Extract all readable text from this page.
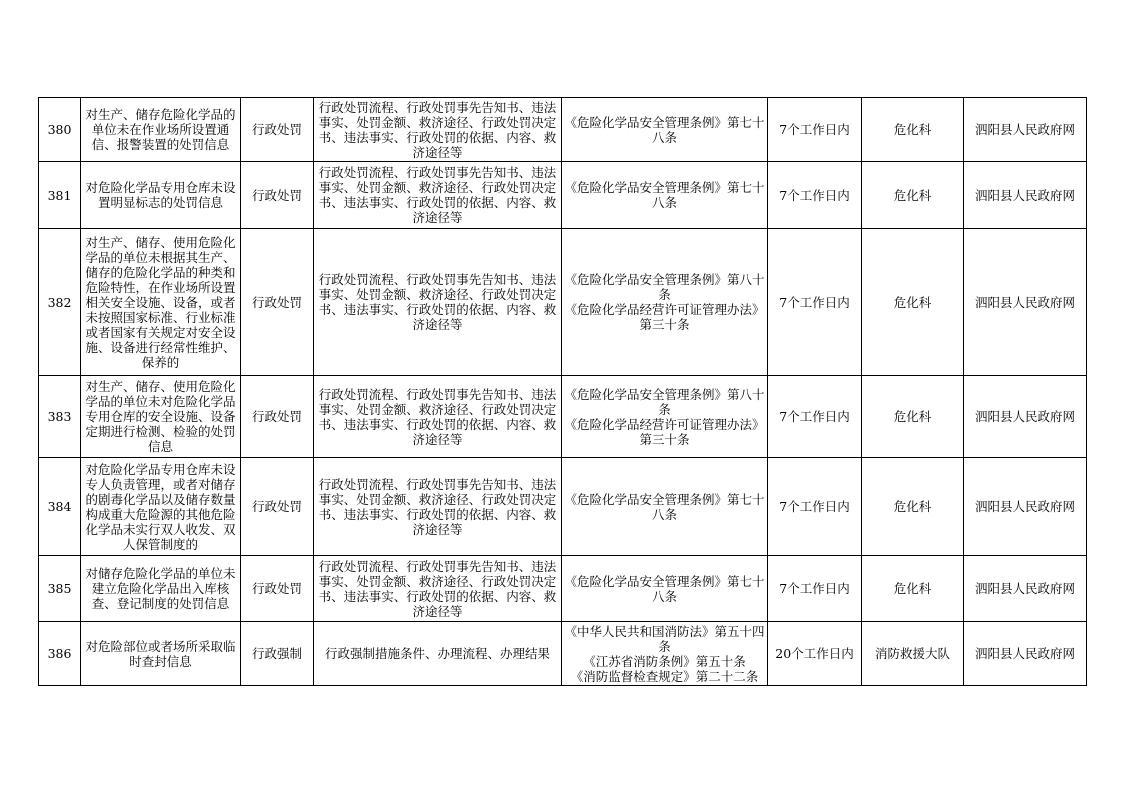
380	对生产、储存危险化学品的单位未在作业场所设置通信、报警装置的处罚信息	行政处罚	行政处罚流程、行政处罚事先告知书、违法事实、处罚金额、救济途径、行政处罚决定书、违法事实、行政处罚的依据、内容、救济途径等	《危险化学品安全管理条例》第七十八条	7个工作日内	危化科	泗阳县人民政府网

381	对危险化学品专用仓库未设置明显标志的处罚信息	行政处罚	行政处罚流程、行政处罚事先告知书、违法事实、处罚金额、救济途径、行政处罚决定书、违法事实、行政处罚的依据、内容、救济途径等	《危险化学品安全管理条例》第七十八条	7个工作日内	危化科	泗阳县人民政府网

382	对生产、储存、使用危险化学品的单位未根据其生产、储存的危险化学品的种类和危险特性，在作业场所设置相关安全设施、设备，或者未按照国家标准、行业标准或者国家有关规定对安全设施、设备进行经常性维护、保养的	行政处罚	行政处罚流程、行政处罚事先告知书、违法事实、处罚金额、救济途径、行政处罚决定书、违法事实、行政处罚的依据、内容、救济途径等	《危险化学品安全管理条例》第八十条
《危险化学品经营许可证管理办法》第三十条	7个工作日内	危化科	泗阳县人民政府网

383	对生产、储存、使用危险化学品的单位未对危险化学品专用仓库的安全设施、设备定期进行检测、检验的处罚信息	行政处罚	行政处罚流程、行政处罚事先告知书、违法事实、处罚金额、救济途径、行政处罚决定书、违法事实、行政处罚的依据、内容、救济途径等	《危险化学品安全管理条例》第八十条
《危险化学品经营许可证管理办法》第三十条	7个工作日内	危化科	泗阳县人民政府网

384	对危险化学品专用仓库未设专人负责管理，或者对储存的剧毒化学品以及储存数量构成重大危险源的其他危险化学品未实行双人收发、双人保管制度的	行政处罚	行政处罚流程、行政处罚事先告知书、违法事实、处罚金额、救济途径、行政处罚决定书、违法事实、行政处罚的依据、内容、救济途径等	《危险化学品安全管理条例》第七十八条	7个工作日内	危化科	泗阳县人民政府网

385	对储存危险化学品的单位未建立危险化学品出入库核查、登记制度的处罚信息	行政处罚	行政处罚流程、行政处罚事先告知书、违法事实、处罚金额、救济途径、行政处罚决定书、违法事实、行政处罚的依据、内容、救济途径等	《危险化学品安全管理条例》第七十八条	7个工作日内	危化科	泗阳县人民政府网

386	对危险部位或者场所采取临时查封信息	行政强制	行政强制措施条件、办理流程、办理结果	《中华人民共和国消防法》第五十四条
《江苏省消防条例》第五十条
《消防监督检查规定》第二十二条	20个工作日内	消防救援大队	泗阳县人民政府网
